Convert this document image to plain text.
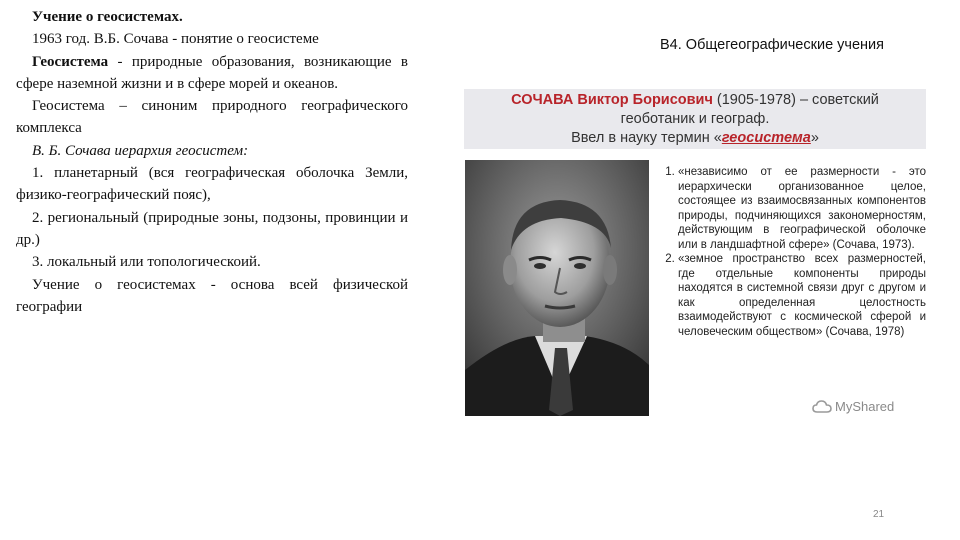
Учение о геосистемах.

1963 год. В.Б. Сочава - понятие о геосистеме

Геосистема - природные образования, возникающие в сфере наземной жизни и в сфере морей и океанов.

Геосистема – синоним природного географического комплекса

В. Б. Сочава иерархия геосистем:

1. планетарный (вся географическая оболочка Земли, физико-географический пояс),

2. региональный (природные зоны, подзоны, провинции и др.)

3. локальный или топологическоий.

Учение о геосистемах - основа всей физической географии

В4. Общегеографические учения
СОЧАВА Виктор Борисович (1905-1978) – советский
геоботаник и географ.
Ввел в науку термин «геосистема»
1. «независимо от ее размерности - это иерархически организованное целое, состоящее из взаимосвязанных компонентов природы, подчиняющихся закономерностям, действующим в географической оболочке или в ландшафтной сфере» (Сочава, 1973).
2. «земное пространство всех размерностей, где отдельные компоненты природы находятся в системной связи друг с другом и как определенная целостность взаимодействуют с космической сферой и человеческим обществом» (Сочава, 1978)
MyShared
21
